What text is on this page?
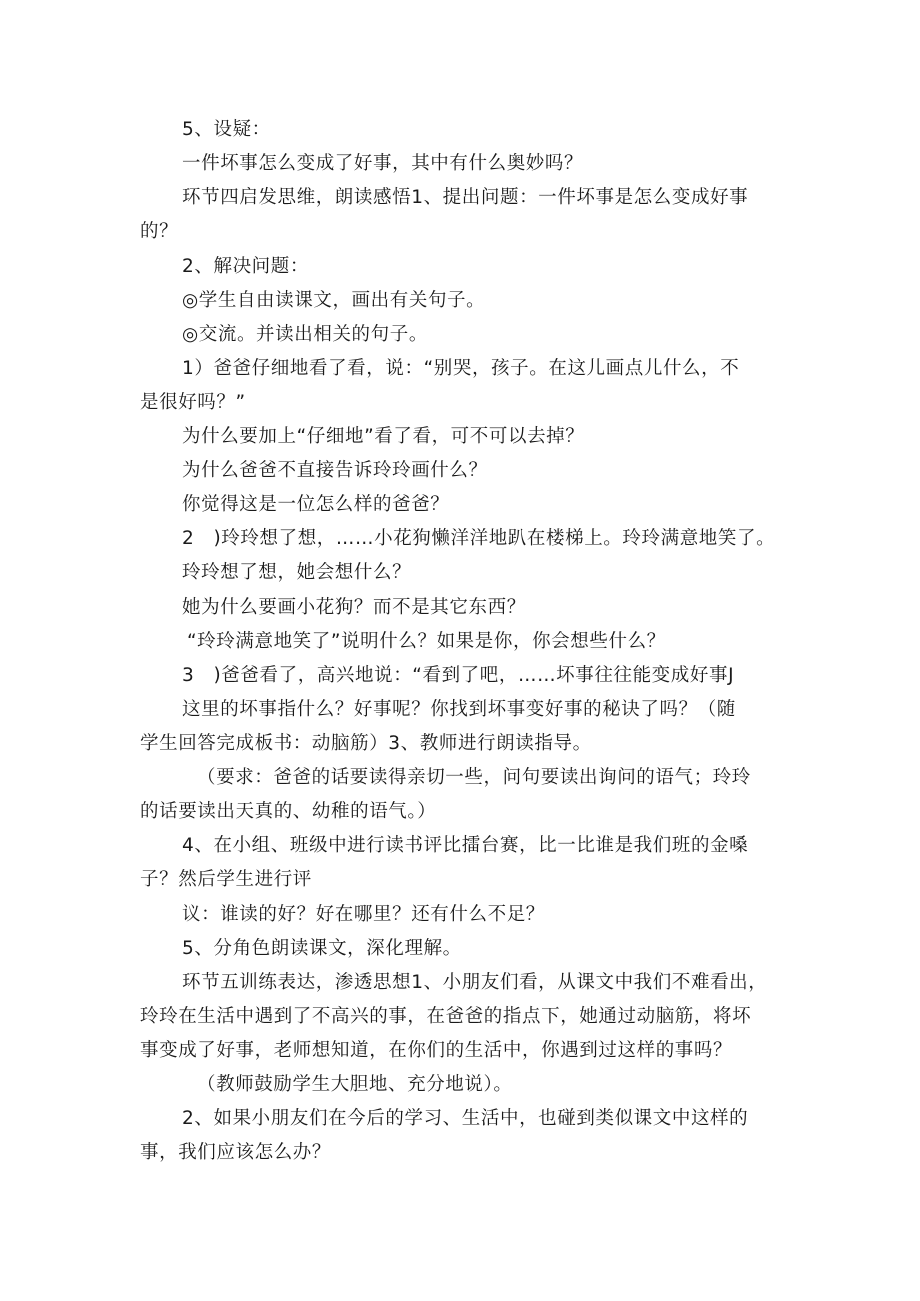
5、设疑：
一件坏事怎么变成了好事，其中有什么奥妙吗？
环节四启发思维，朗读感悟1、提出问题：一件坏事是怎么变成好事
的？
2、解决问题：
◎学生自由读课文，画出有关句子。
◎交流。并读出相关的句子。
1）爸爸仔细地看了看，说：“别哭，孩子。在这儿画点儿什么，不
是很好吗？”
为什么要加上“仔细地”看了看，可不可以去掉？
为什么爸爸不直接告诉玲玲画什么？
你觉得这是一位怎么样的爸爸？
2　)玲玲想了想，……小花狗懒洋洋地趴在楼梯上。玲玲满意地笑了。
玲玲想了想，她会想什么？
她为什么要画小花狗？而不是其它东西？
“玲玲满意地笑了”说明什么？如果是你，你会想些什么？
3　)爸爸看了，高兴地说：“看到了吧，……坏事往往能变成好事J
这里的坏事指什么？好事呢？你找到坏事变好事的秘诀了吗？（随
学生回答完成板书：动脑筋）3、教师进行朗读指导。
（要求：爸爸的话要读得亲切一些，问句要读出询问的语气；玲玲
的话要读出天真的、幼稚的语气。）
4、在小组、班级中进行读书评比擂台赛，比一比谁是我们班的金嗓
子？然后学生进行评
议：谁读的好？好在哪里？还有什么不足？
5、分角色朗读课文，深化理解。
环节五训练表达，渗透思想1、小朋友们看，从课文中我们不难看出，
玲玲在生活中遇到了不高兴的事，在爸爸的指点下，她通过动脑筋，将坏
事变成了好事，老师想知道，在你们的生活中，你遇到过这样的事吗？
（教师鼓励学生大胆地、充分地说）。
2、如果小朋友们在今后的学习、生活中，也碰到类似课文中这样的
事，我们应该怎么办？
